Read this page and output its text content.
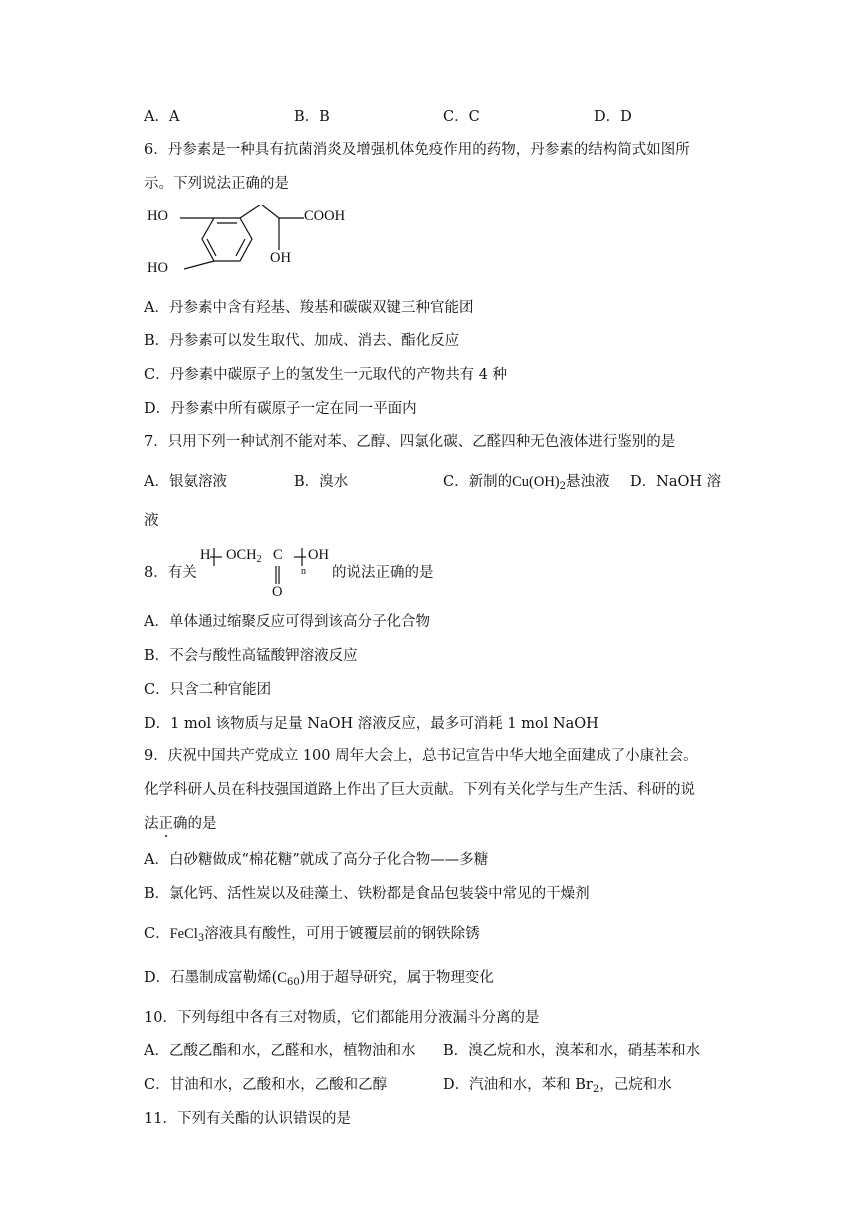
A．A	B．B	C．C	D．D
6．丹参素是一种具有抗菌消炎及增强机体免疫作用的药物，丹参素的结构简式如图所
示。下列说法正确的是
HO
HO
COOH
OH
A．丹参素中含有羟基、羧基和碳碳双键三种官能团
B．丹参素可以发生取代、加成、消去、酯化反应
C．丹参素中碳原子上的氢发生一元取代的产物共有 4 种
D．丹参素中所有碳原子一定在同一平面内
7．只用下列一种试剂不能对苯、乙醇、四氯化碳、乙醛四种无色液体进行鉴别的是
A．银氨溶液	B．溴水	C．新制的$Cu(OH)_2$悬浊液 D．NaOH 溶
液
8．有关
H $OCH_2$ C
O
n
OH
的说法正确的是
A．单体通过缩聚反应可得到该高分子化合物
B．不会与酸性高锰酸钾溶液反应
C．只含二种官能团
D．1 mol 该物质与足量 NaOH 溶液反应，最多可消耗 1 mol NaOH
9．庆祝中国共产党成立 100 周年大会上，总书记宣告中华大地全面建成了小康社会。
化学科研人员在科技强国道路上作出了巨大贡献。下列有关化学与生产生活、科研的说
法正确的是
A．白砂糖做成“棉花糖”就成了高分子化合物——多糖
B．氯化钙、活性炭以及硅藻土、铁粉都是食品包装袋中常见的干燥剂
C．FeCl$_3$溶液具有酸性，可用于镀覆层前的钢铁除锈
D．石墨制成富勒烯$(C_{60})$用于超导研究，属于物理变化
10．下列每组中各有三对物质，它们都能用分液漏斗分离的是
A．乙酸乙酯和水，乙醛和水，植物油和水 B．溴乙烷和水，溴苯和水，硝基苯和水
C．甘油和水，乙酸和水，乙酸和乙醇	D．汽油和水，苯和 $Br_2$，己烷和水
11．下列有关酯的认识错误的是
